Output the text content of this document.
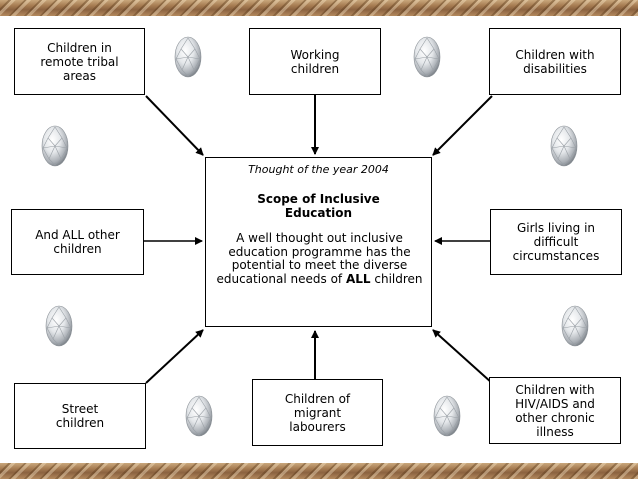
Children in
remote tribal
areas
Working
children
Children with
disabilities
And ALL other
children
Girls living in
difficult
circumstances
Street
children
Children of
migrant
labourers
Children with
HIV/AIDS and
other chronic
illness
Thought of the year 2004
Scope of Inclusive
Education
A well thought out inclusive education programme has the potential to meet the diverse educational needs of ALL children
